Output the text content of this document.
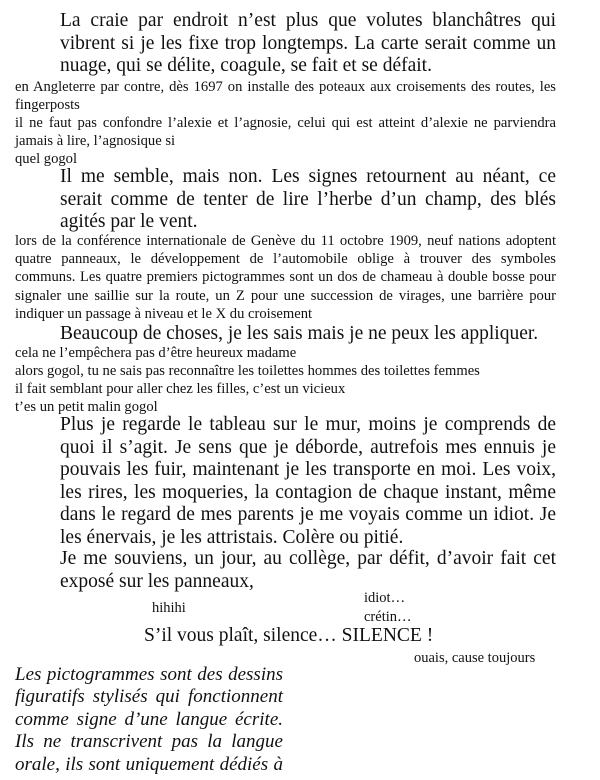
La craie par endroit n’est plus que volutes blanchâtres qui vibrent si je les fixe trop longtemps. La carte serait comme un nuage, qui se délite, coagule, se fait et se défait.

en Angleterre par contre, dès 1697 on installe des poteaux aux croisements des routes, les fingerposts

il ne faut pas confondre l’alexie et l’agnosie, celui qui est atteint d’alexie ne parviendra jamais à lire, l’agnosique si

quel gogol

Il me semble, mais non. Les signes retournent au néant, ce serait comme de tenter de lire l’herbe d’un champ, des blés agités par le vent.

lors de la conférence internationale de Genève du 11 octobre 1909, neuf nations adoptent quatre panneaux, le développement de l’automobile oblige à trouver des symboles communs. Les quatre premiers pictogrammes sont un dos de chameau à double bosse pour signaler une saillie sur la route, un Z pour une succession de virages, une barrière pour indiquer un passage à niveau et le X du croisement

Beaucoup de choses, je les sais mais je ne peux les appliquer.

cela ne l’empêchera pas d’être heureux madame

alors gogol, tu ne sais pas reconnaître les toilettes hommes des toilettes femmes

il fait semblant pour aller chez les filles, c’est un vicieux

t’es un petit malin gogol

Plus je regarde le tableau sur le mur, moins je comprends de quoi il s’agit. Je sens que je déborde, autrefois mes ennuis je pouvais les fuir, maintenant je les transporte en moi. Les voix, les rires, les moqueries, la contagion de chaque instant, même dans le regard de mes parents je me voyais comme un idiot. Je les énervais, je les attristais. Colère ou pitié.

Je me souviens, un jour, au collège, par défit, d’avoir fait cet exposé sur les panneaux,

hihihi

idiot…

crétin…

S’il vous plaît, silence… SILENCE !

ouais, cause toujours

Les pictogrammes sont des dessins
figuratifs stylisés qui fonctionnent
comme signe d’une langue écrite.
Ils ne transcrivent pas la langue
orale, ils sont uniquement dédiés à
